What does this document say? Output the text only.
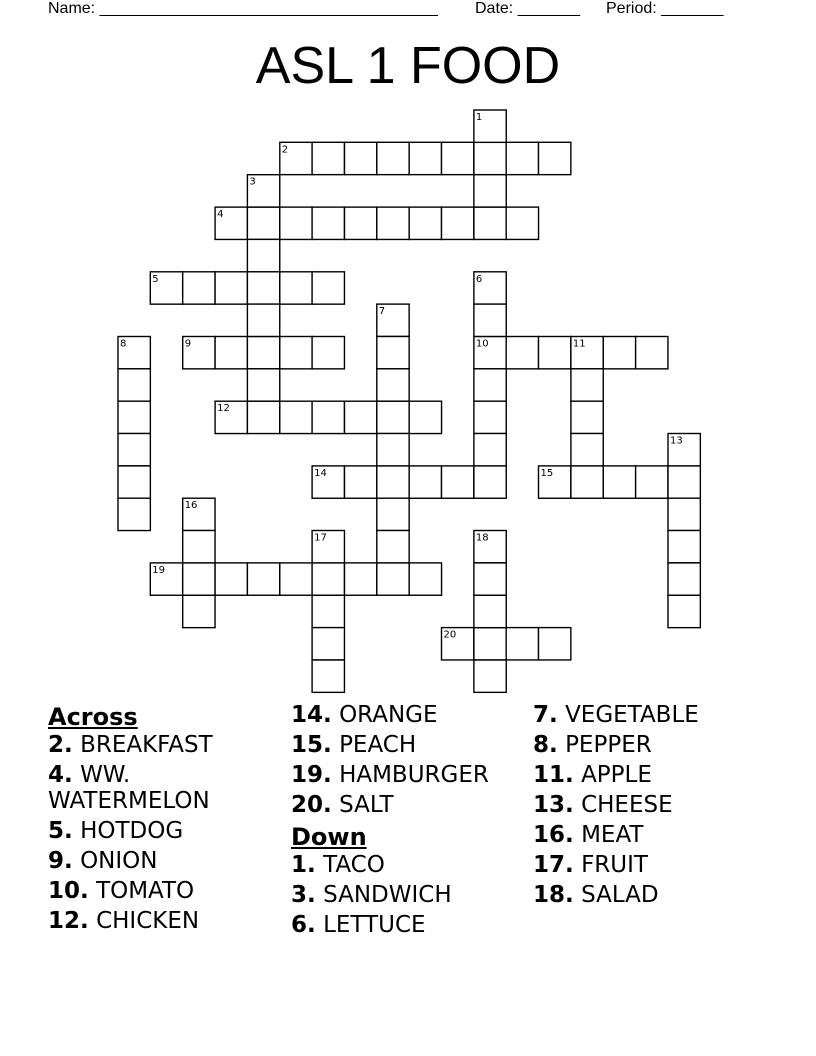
Name: ______________________________________ Date: _______ Period: _______
ASL 1 FOOD
2
4
5
9	10
12
14	15
19
20
1
3
6
7
8	11
13
16
17	18
Across
2. BREAKFAST
4. WW. WATERMELON
5. HOTDOG
9. ONION
10. TOMATO
12. CHICKEN
14. ORANGE
15. PEACH
19. HAMBURGER
20. SALT
Down
1. TACO
3. SANDWICH
6. LETTUCE
7. VEGETABLE
8. PEPPER
11. APPLE
13. CHEESE
16. MEAT
17. FRUIT
18. SALAD
